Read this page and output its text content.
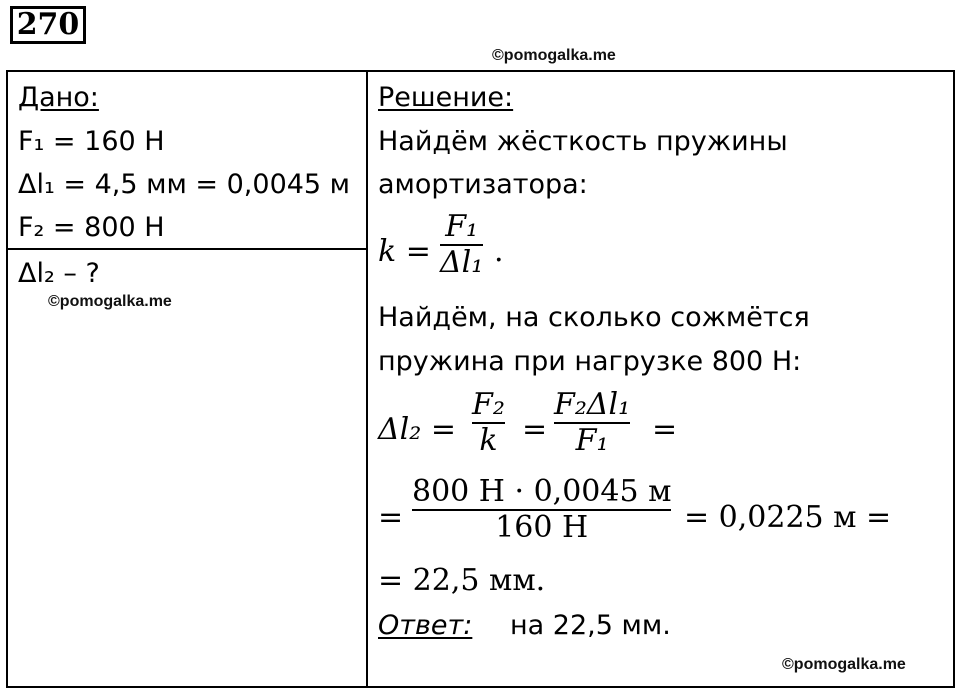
270
©pomogalka.me
Дано:
F₁ = 160 Н
Δl₁ = 4,5 мм = 0,0045 м
F₂ = 800 Н
Δl₂ – ?
©pomogalka.me
Решение:
Найдём жёсткость пружины
амортизатора:
k =
F₁
Δl₁ .
Найдём, на сколько сожмётся
пружина при нагрузке 800 Н:
Δl₂ =
F₂
k =
F₂Δl₁
F₁ =
=
800 Н · 0,0045 м
160 Н	= 0,0225 м =
= 22,5 мм.
Ответ: на 22,5 мм.
©pomogalka.me
